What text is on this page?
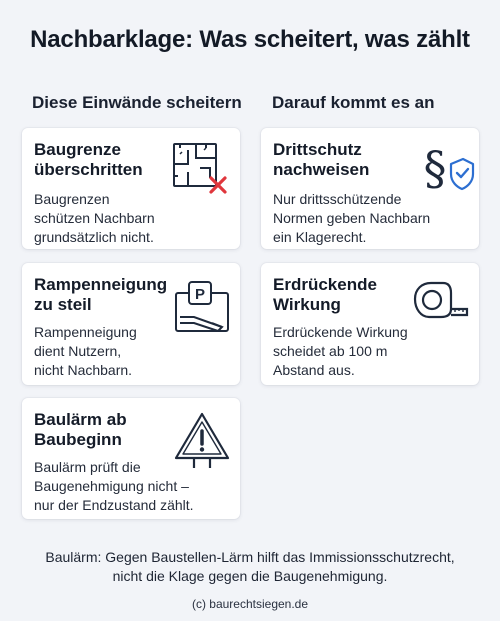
Nachbarklage: Was scheitert, was zählt
Diese Einwände scheitern Darauf kommt es an
Baugrenze
überschritten
Baugrenzen
schützen Nachbarn
grundsätzlich nicht.
Rampenneigung
zu steil
Rampenneigung
dient Nutzern,
nicht Nachbarn.
P
Baulärm ab
Baubeginn
Baulärm prüft die
Baugenehmigung nicht –
nur der Endzustand zählt.
Drittschutz
nachweisen
Nur drittsschützende
Normen geben Nachbarn
ein Klagerecht.
§
Erdrückende
Wirkung
Erdrückende Wirkung
scheidet ab 100 m
Abstand aus.
Baulärm: Gegen Baustellen-Lärm hilft das Immissionsschutzrecht,
nicht die Klage gegen die Baugenehmigung.
(c) baurechtsiegen.de
